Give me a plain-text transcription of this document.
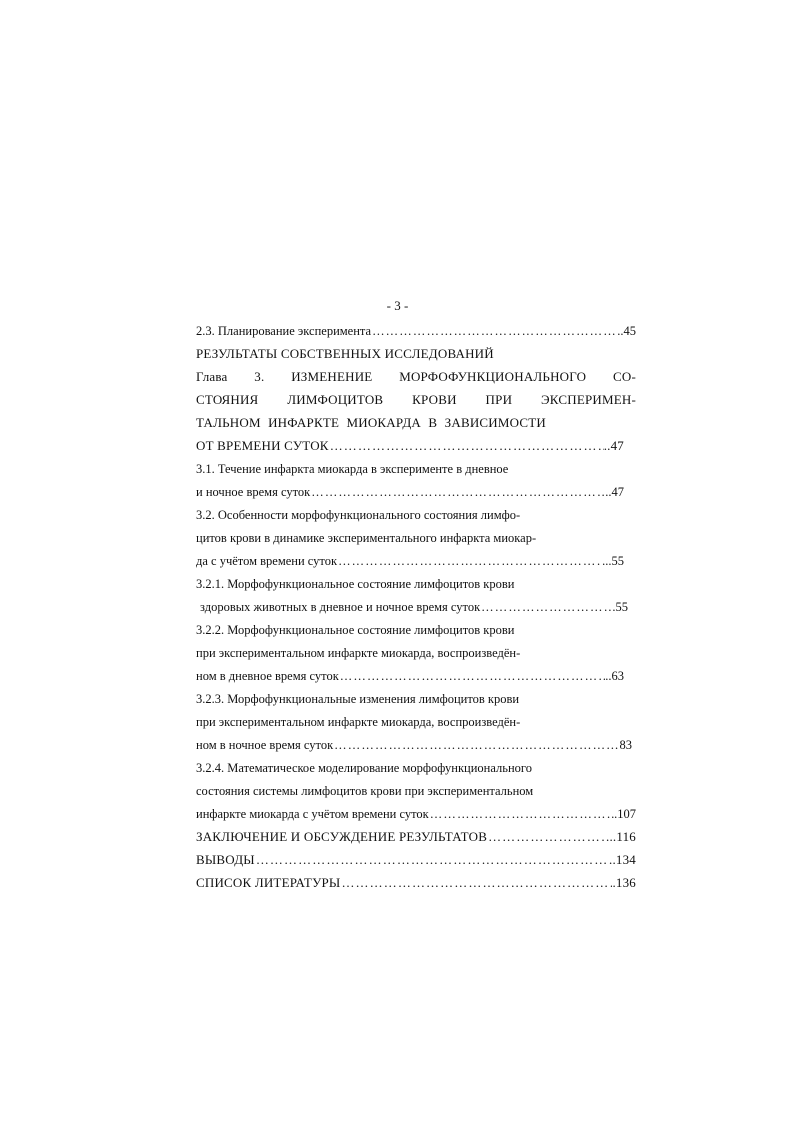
- 3 -
2.3. Планирование эксперимента ………………………………………………………………………………………………………………………………………	..45
РЕЗУЛЬТАТЫ СОБСТВЕННЫХ ИССЛЕДОВАНИЙ
Глава 3. ИЗМЕНЕНИЕ МОРФОФУНКЦИОНАЛЬНОГО СО-
СТОЯНИЯ ЛИМФОЦИТОВ КРОВИ ПРИ ЭКСПЕРИМЕН-
ТАЛЬНОМ ИНФАРКТЕ МИОКАРДА В ЗАВИСИМОСТИ
ОТ ВРЕМЕНИ СУТОК ………………………………………………………………………………………………………………………………………	..47
3.1. Течение инфаркта миокарда в эксперименте в дневное
и ночное время суток ………………………………………………………………………………………………………………………………………	..47
3.2. Особенности морфофункционального состояния лимфо-
цитов крови в динамике экспериментального инфаркта миокар-
да с учётом времени суток ………………………………………………………………………………………………………………………………………	...55
3.2.1. Морфофункциональное состояние лимфоцитов крови
здоровых животных в дневное и ночное время суток ………………………………………………………………………………………………………………………………………	.55
3.2.2. Морфофункциональное состояние лимфоцитов крови
при экспериментальном инфаркте миокарда, воспроизведён-
ном в дневное время суток ………………………………………………………………………………………………………………………………………	..63
3.2.3. Морфофункциональные изменения лимфоцитов крови
при экспериментальном инфаркте миокарда, воспроизведён-
ном в ночное время суток ………………………………………………………………………………………………………………………………………	83
3.2.4. Математическое моделирование морфофункционального
состояния системы лимфоцитов крови при экспериментальном
инфаркте миокарда с учётом времени суток ………………………………………………………………………………………………………………………………………	.107
ЗАКЛЮЧЕНИЕ И ОБСУЖДЕНИЕ РЕЗУЛЬТАТОВ ………………………………………………………………………………………………………………………………………	...116
ВЫВОДЫ ………………………………………………………………………………………………………………………………………	..134
СПИСОК ЛИТЕРАТУРЫ ………………………………………………………………………………………………………………………………………	.136
